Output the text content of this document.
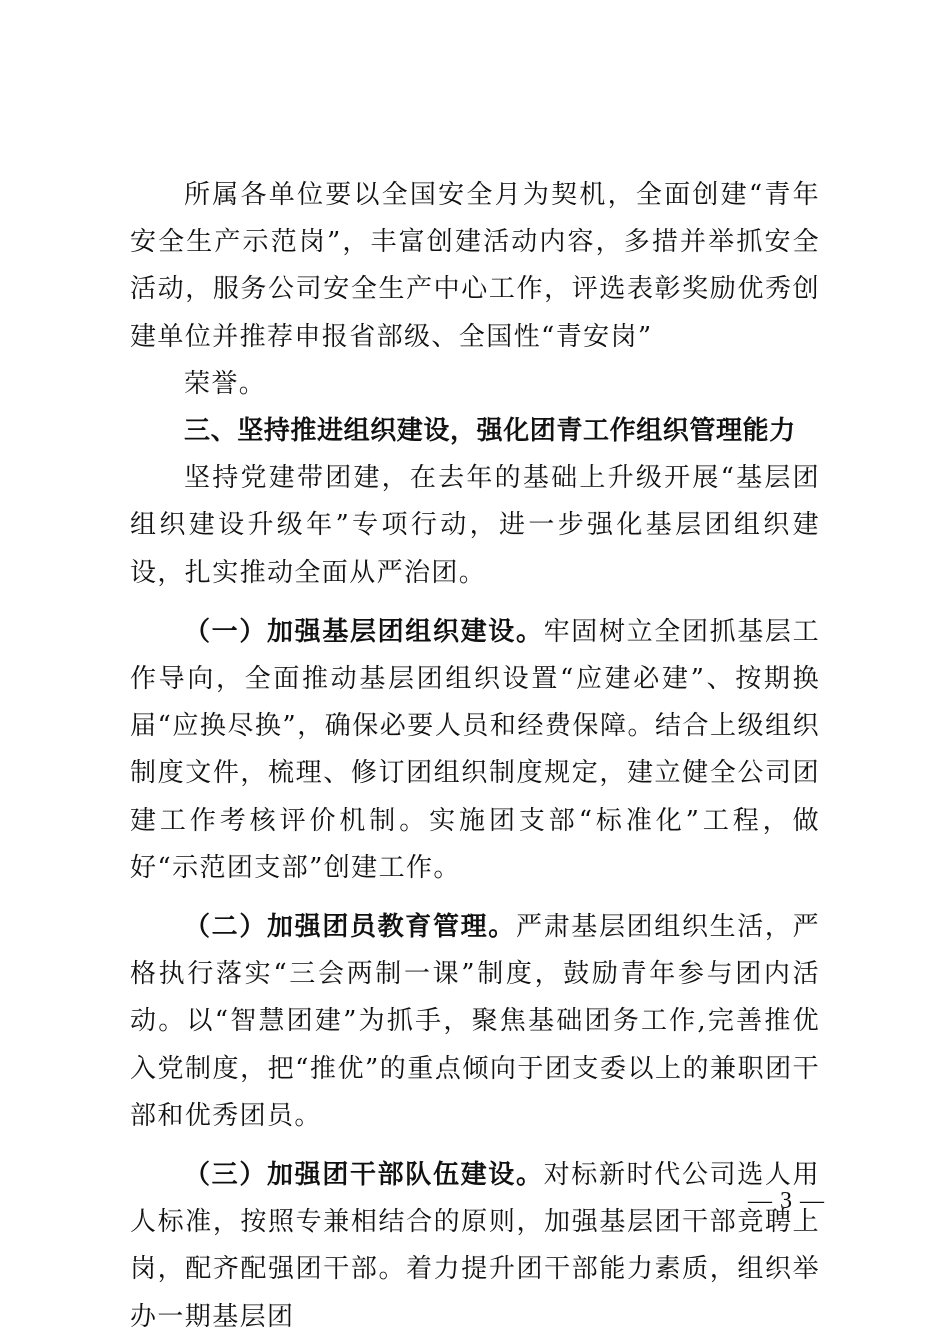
所属各单位要以全国安全月为契机，全面创建“青年安全生产示范岗”，丰富创建活动内容，多措并举抓安全活动，服务公司安全生产中心工作，评选表彰奖励优秀创建单位并推荐申报省部级、全国性“青安岗”

荣誉。

三、坚持推进组织建设，强化团青工作组织管理能力

坚持党建带团建，在去年的基础上升级开展“基层团组织建设升级年”专项行动，进一步强化基层团组织建设，扎实推动全面从严治团。

（一）加强基层团组织建设。牢固树立全团抓基层工作导向，全面推动基层团组织设置“应建必建”、按期换届“应换尽换”，确保必要人员和经费保障。结合上级组织制度文件，梳理、修订团组织制度规定，建立健全公司团建工作考核评价机制。实施团支部“标准化”工程，做好“示范团支部”创建工作。

（二）加强团员教育管理。严肃基层团组织生活，严格执行落实“三会两制一课”制度，鼓励青年参与团内活动。以“智慧团建”为抓手，聚焦基础团务工作,完善推优入党制度，把“推优”的重点倾向于团支委以上的兼职团干部和优秀团员。

（三）加强团干部队伍建设。对标新时代公司选人用人标准，按照专兼相结合的原则，加强基层团干部竞聘上岗，配齐配强团干部。着力提升团干部能力素质，组织举办一期基层团

— 3 —
